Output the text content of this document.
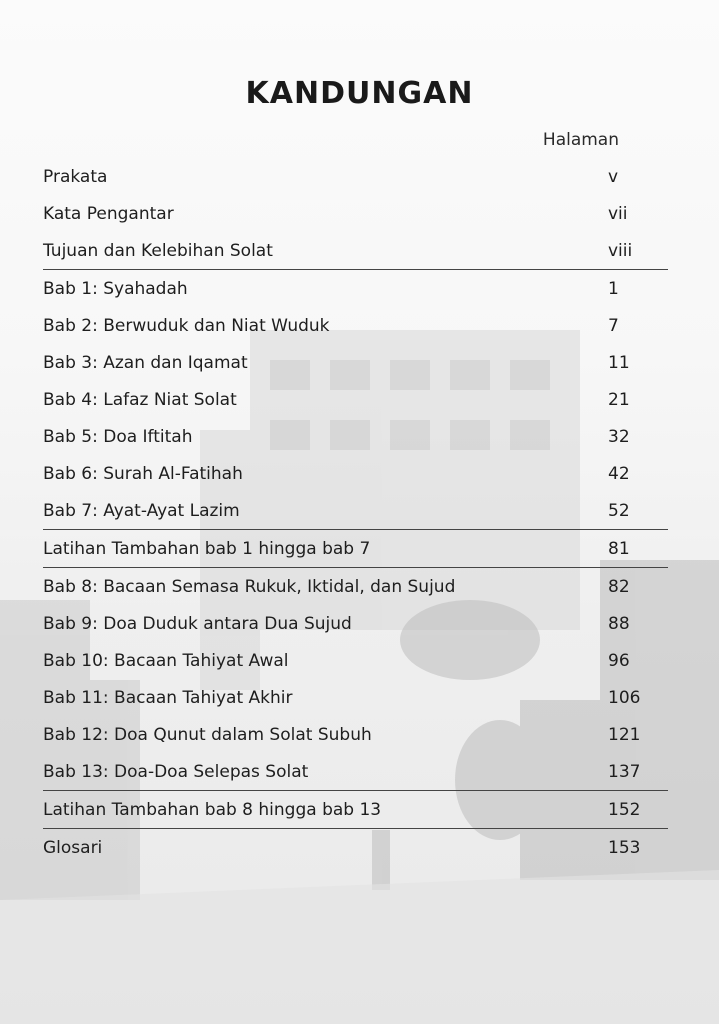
KANDUNGAN
Halaman
Prakata	v
Kata Pengantar	vii
Tujuan dan Kelebihan Solat	viii
Bab 1: Syahadah	1
Bab 2: Berwuduk dan Niat Wuduk	7
Bab 3: Azan dan Iqamat	11
Bab 4: Lafaz Niat Solat	21
Bab 5: Doa Iftitah	32
Bab 6: Surah Al-Fatihah	42
Bab 7: Ayat-Ayat Lazim	52
Latihan Tambahan bab 1 hingga bab 7	81
Bab 8: Bacaan Semasa Rukuk, Iktidal, dan Sujud	82
Bab 9: Doa Duduk antara Dua Sujud	88
Bab 10: Bacaan Tahiyat Awal	96
Bab 11: Bacaan Tahiyat Akhir	106
Bab 12: Doa Qunut dalam Solat Subuh	121
Bab 13: Doa-Doa Selepas Solat	137
Latihan Tambahan bab 8 hingga bab 13	152
Glosari	153
